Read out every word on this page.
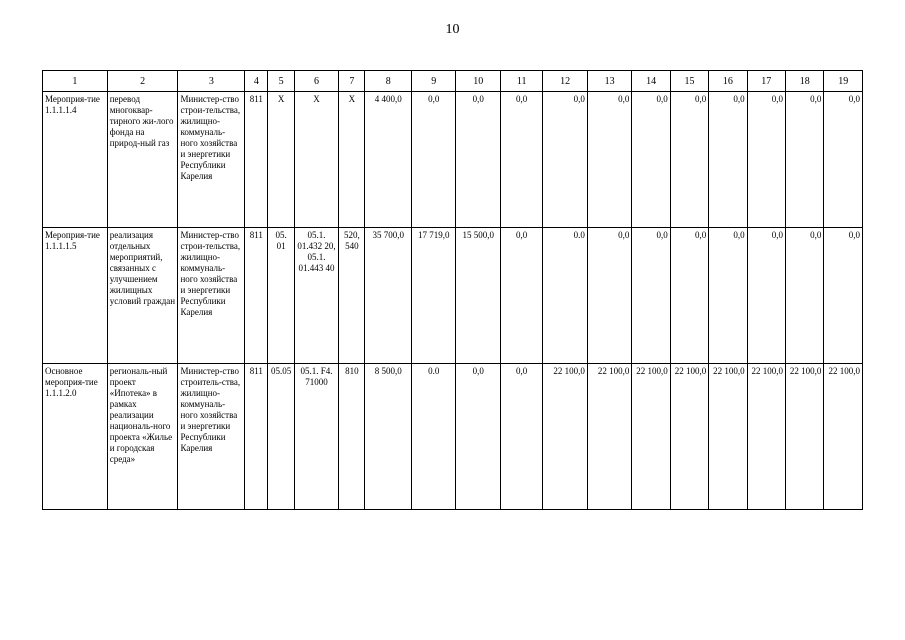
10
1	2	3	4	5	6	7	8	9	10	11	12	13	14	15	16	17	18	19
Мероприя-тие 1.1.1.1.4	перевод многоквар-тирного жи-лого фонда на природ-ный газ	Министер-ство строи-тельства, жилищно-коммуналь-ного хозяйства и энергетики Республики Карелия	811	Х	Х	Х	4 400,0	0,0	0,0	0,0	0,0	0,0	0,0	0,0	0,0	0,0	0,0	0,0
Мероприя-тие 1.1.1.1.5	реализация отдельных мероприятий, связанных с улучшением жилищных условий граждан	Министер-ство строи-тельства, жилищно-коммуналь-ного хозяйства и энергетики Республики Карелия	811	05. 01	05.1. 01.432 20, 05.1. 01.443 40	520, 540	35 700,0	17 719,0	15 500,0	0,0	0.0	0,0	0,0	0,0	0,0	0,0	0,0	0,0
Основное мероприя-тие 1.1.1.2.0	региональ-ный проект «Ипотека» в рамках реализации националь-ного проекта «Жилье и городская среда»	Министер-ство строитель-ства, жилищно-коммуналь-ного хозяйства и энергетики Республики Карелия	811	05.05	05.1. F4. 71000	810	8 500,0	0.0	0,0	0,0	22 100,0	22 100,0	22 100,0	22 100,0	22 100,0	22 100,0	22 100,0	22 100,0
